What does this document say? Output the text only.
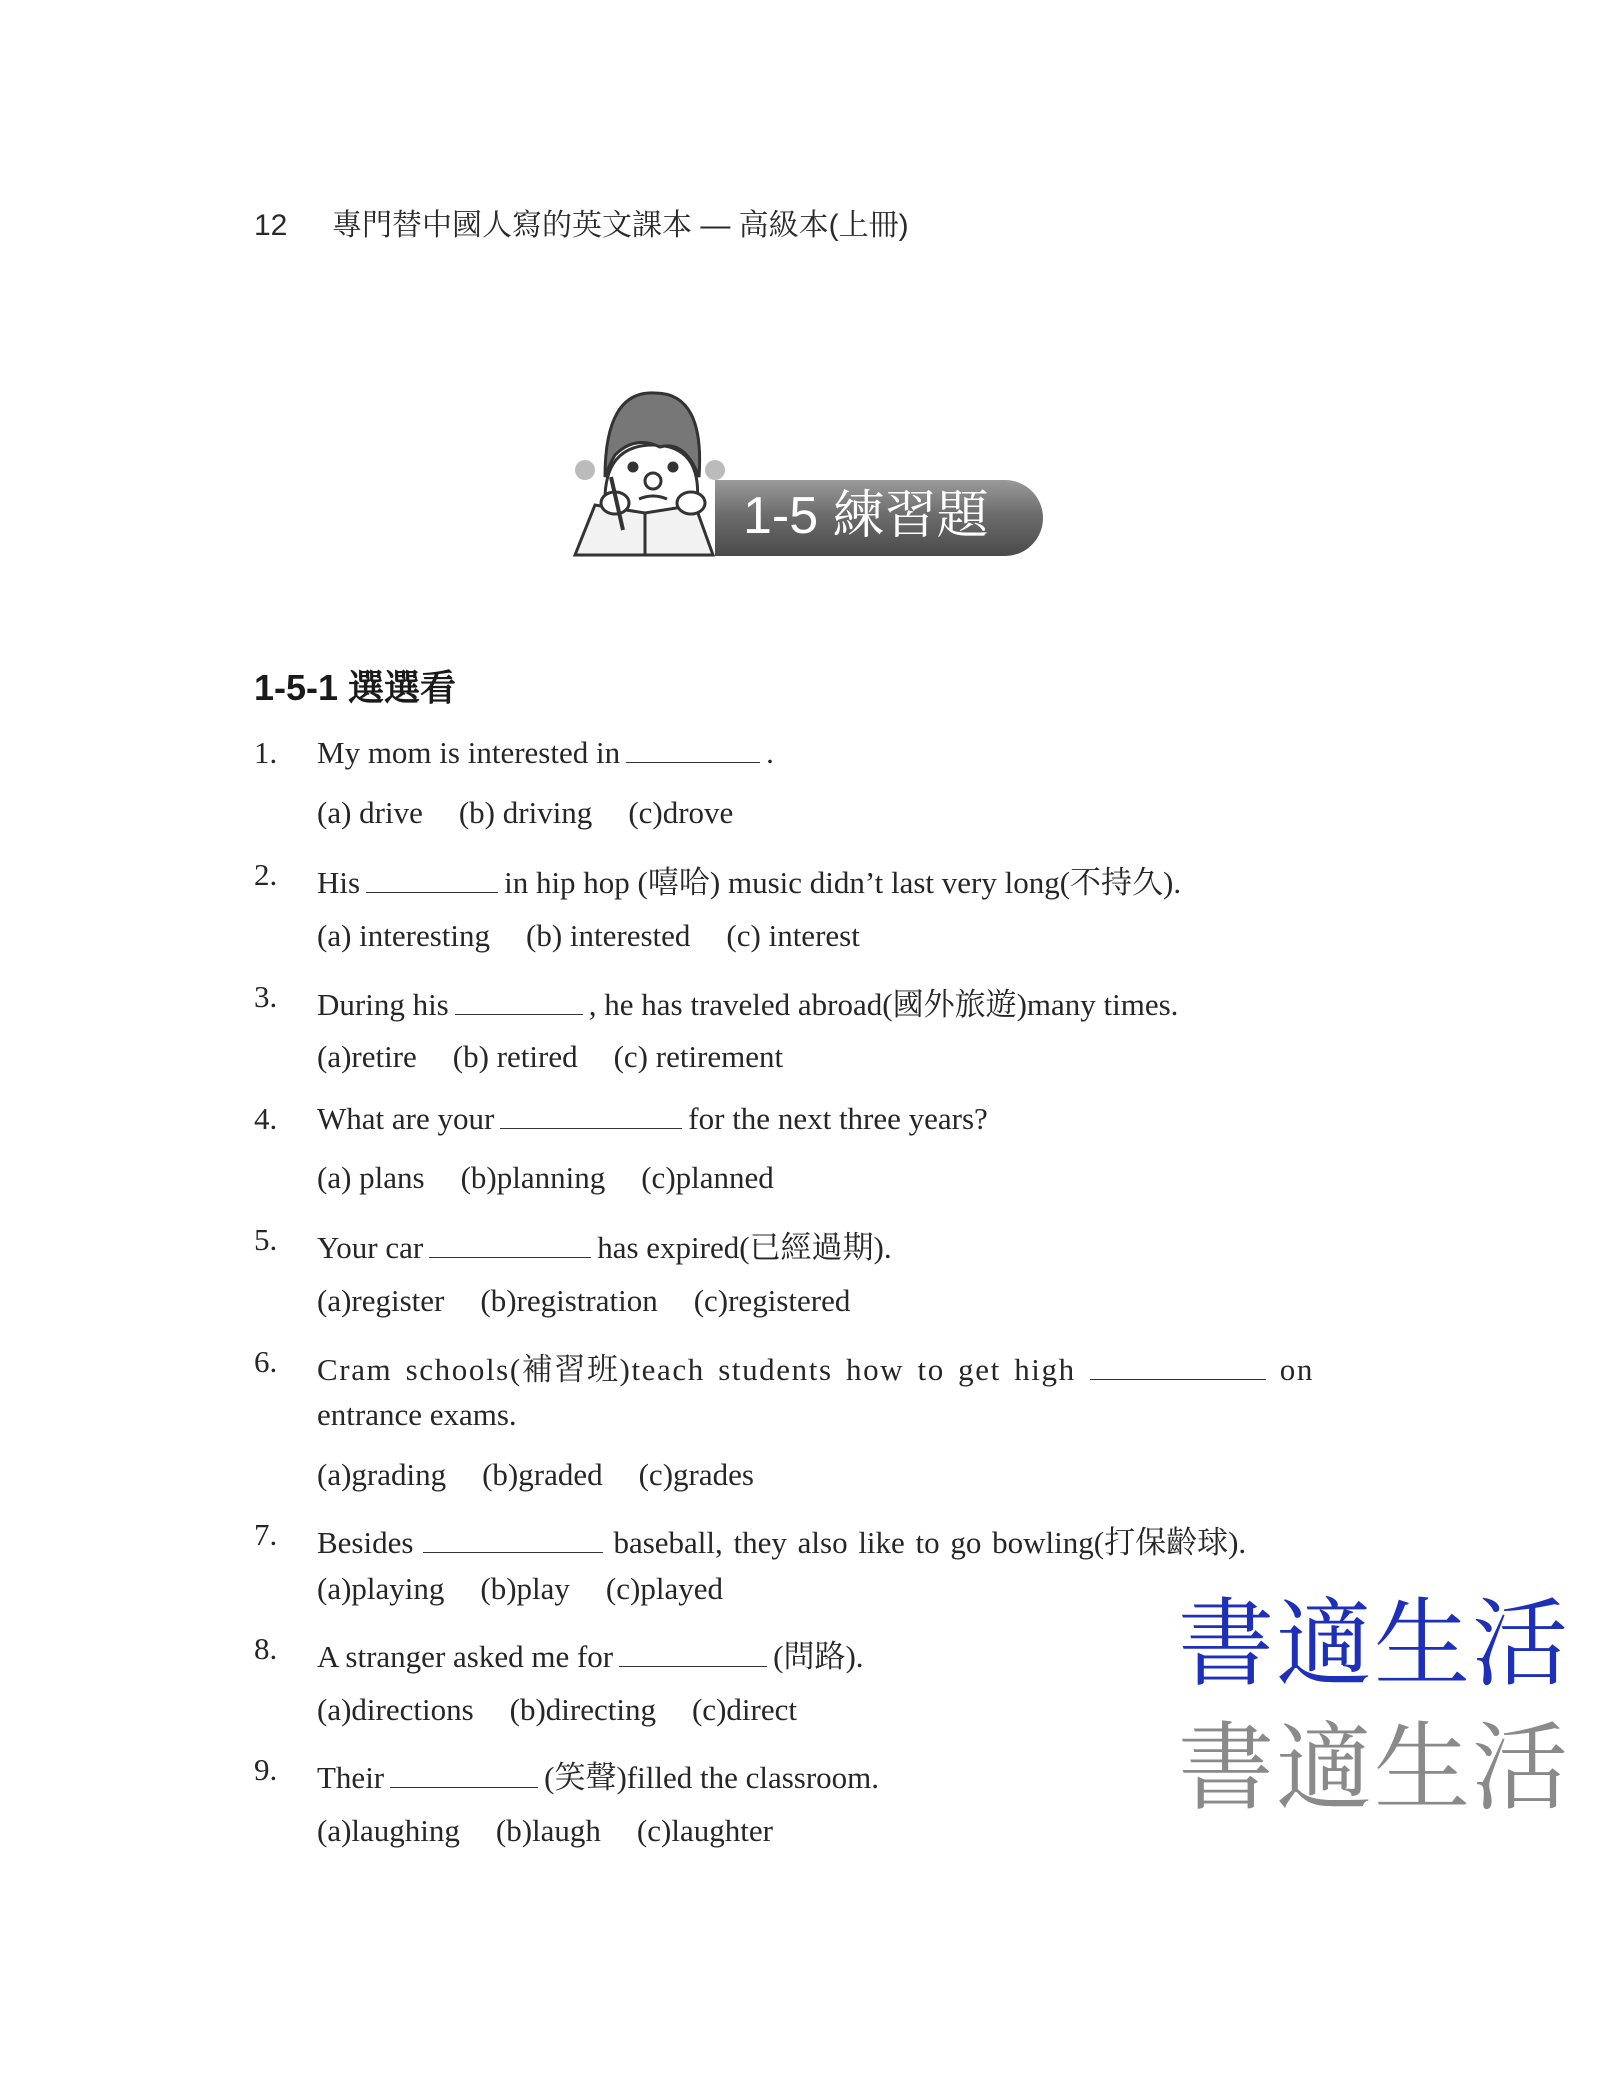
12 專門替中國人寫的英文課本 — 高級本(上冊)
1-5 練習題
1-5-1 選選看
1. My mom is interested in	.
(a) drive (b) driving (c)drove
2. His	in hip hop (嘻哈) music didn’t last very long(不持久).
(a) interesting (b) interested (c) interest
3. During his	, he has traveled abroad(國外旅遊)many times.
(a)retire (b) retired (c) retirement
4. What are your	for the next three years?
(a) plans (b)planning (c)planned
5. Your car	has expired(已經過期).
(a)register (b)registration (c)registered
6. Cram schools(補習班)teach students how to get high	on
entrance exams.
(a)grading (b)graded (c)grades
7. Besides	baseball, they also like to go bowling(打保齡球).
(a)playing (b)play (c)played
8. A stranger asked me for	(問路).
(a)directions (b)directing (c)direct
9. Their	(笑聲)filled the classroom.
(a)laughing (b)laugh (c)laughter
書適生活
書適生活
